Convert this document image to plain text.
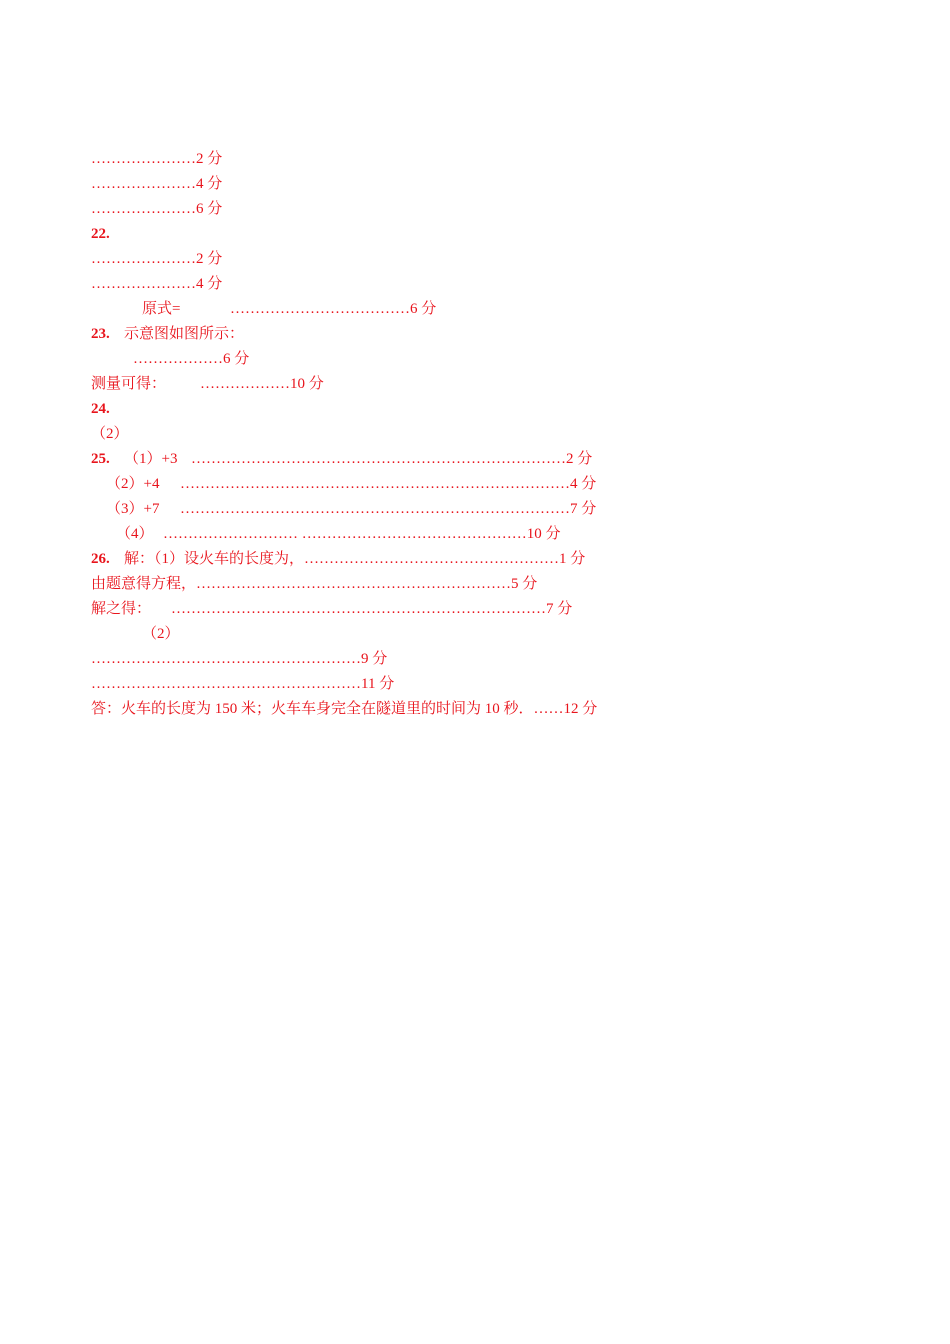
…………………2 分
…………………4 分
…………………6 分
22.
…………………2 分
…………………4 分
原式=	………………………………6 分
23. 示意图如图所示：
………………6 分
测量可得： ………………10 分
24.
（2）
25. （1）+3 …………………………………………………………………2 分
（2）+4 ……………………………………………………………………4 分
（3）+7 ……………………………………………………………………7 分
（4） ……………………… ………………………………………10 分
26. 解：（1）设火车的长度为，……………………………………………1 分
由题意得方程，………………………………………………………5 分
解之得： …………………………………………………………………7 分
（2）
………………………………………………9 分
………………………………………………11 分
答：火车的长度为 150 米；火车车身完全在隧道里的时间为 10 秒．……12 分
